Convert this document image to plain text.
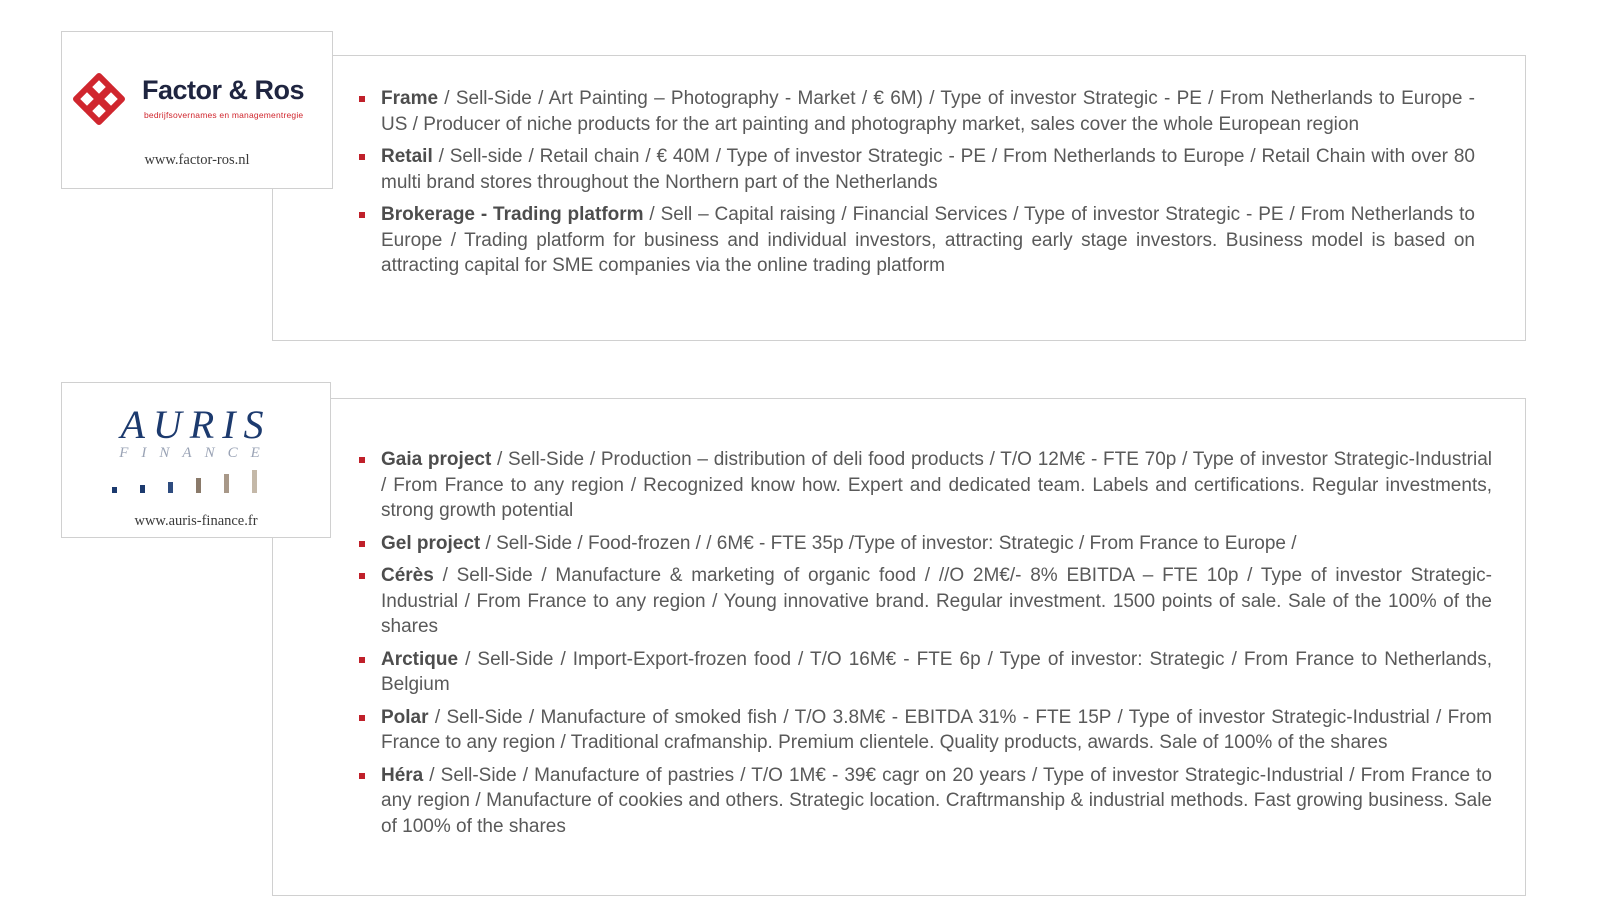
Frame / Sell-Side / Art Painting – Photography - Market / € 6M) / Type of investor Strategic - PE / From Netherlands to Europe - US / Producer of niche products for the art painting and photography market, sales cover the whole European region
Retail / Sell-side / Retail chain / € 40M / Type of investor Strategic - PE / From Netherlands to Europe / Retail Chain with over 80 multi brand stores throughout the Northern part of the Netherlands
Brokerage - Trading platform / Sell – Capital raising / Financial Services / Type of investor Strategic - PE / From Netherlands to Europe / Trading platform for business and individual investors, attracting early stage investors. Business model is based on attracting capital for SME companies via the online trading platform
Factor & Ros
bedrijfsovernames en managementregie
www.factor-ros.nl
Gaia project / Sell-Side / Production – distribution of deli food products / T/O 12M€ - FTE 70p / Type of investor Strategic-Industrial / From France to any region / Recognized know how. Expert and dedicated team. Labels and certifications. Regular investments, strong growth potential
Gel project / Sell-Side / Food-frozen / / 6M€ - FTE 35p /Type of investor: Strategic / From France to Europe /
Cérès / Sell-Side / Manufacture & marketing of organic food / //O 2M€/- 8% EBITDA – FTE 10p / Type of investor Strategic-Industrial / From France to any region / Young innovative brand. Regular investment. 1500 points of sale. Sale of the 100% of the shares
Arctique / Sell-Side / Import-Export-frozen food / T/O 16M€ - FTE 6p / Type of investor: Strategic / From France to Netherlands, Belgium
Polar / Sell-Side / Manufacture of smoked fish / T/O 3.8M€ - EBITDA 31% - FTE 15P / Type of investor Strategic-Industrial / From France to any region / Traditional crafmanship. Premium clientele. Quality products, awards. Sale of 100% of the shares
Héra / Sell-Side / Manufacture of pastries / T/O 1M€ - 39€ cagr on 20 years / Type of investor Strategic-Industrial / From France to any region / Manufacture of cookies and others. Strategic location. Craftrmanship & industrial methods. Fast growing business. Sale of 100% of the shares
AURIS
FINANCE
www.auris-finance.fr
